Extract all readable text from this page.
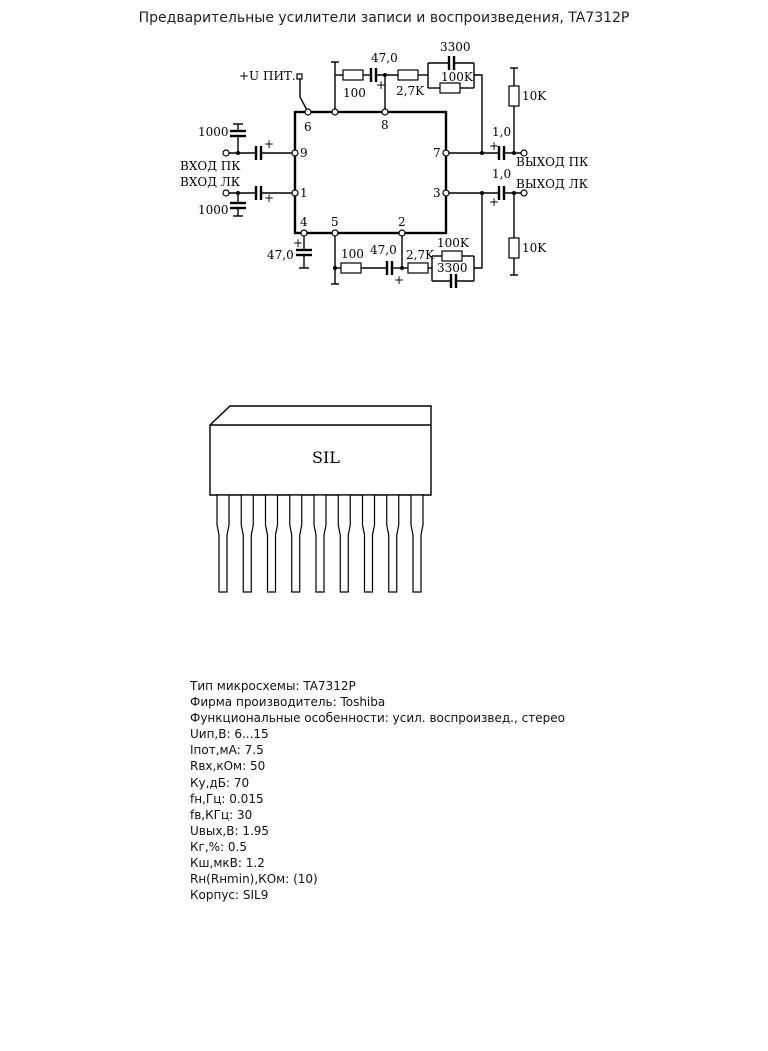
Предварительные усилители записи и воспроизведения, TA7312P
+U ПИТ.
100
47,0
+ 2,7K
3300
100K
6	8
1000
+
9
ВХОД ПК
ВХОД ЛК
1000
+ 1
4
+
47,0
5
100 47,0
+
2
2,7K
100K
3300
7	+
1,0
10K
ВЫХОД ПК
3
+
1,0
10K
ВЫХОД ЛК
SIL
Тип микросхемы: TA7312P
Фирма производитель: Toshiba
Функциональные особенности: усил. воспроизвед., стерео
Uип,В: 6...15
Iпот,мА: 7.5
Rвх,кОм: 50
Ку,дБ: 70
fн,Гц: 0.015
fв,КГц: 30
Uвых,В: 1.95
Кг,%: 0.5
Кш,мкВ: 1.2
Rн(Rнmin),КОм: (10)
Корпус: SIL9
